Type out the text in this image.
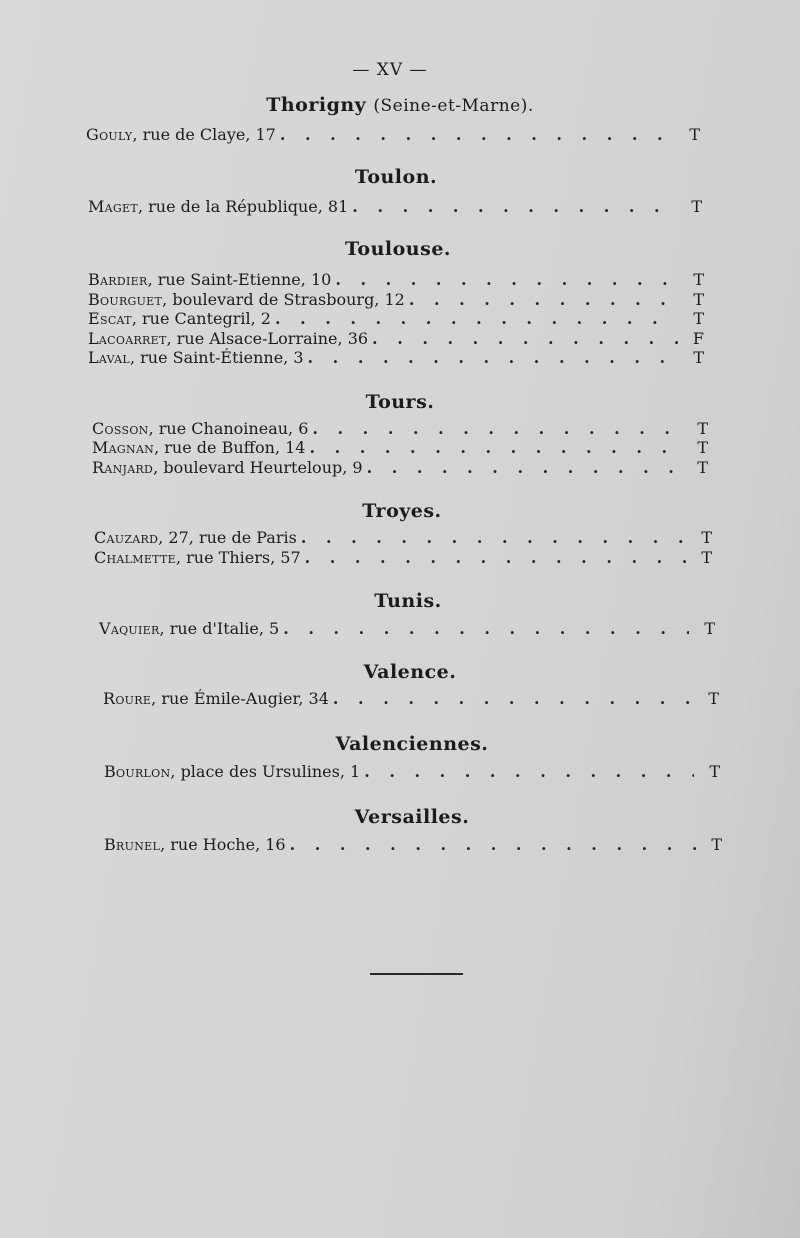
— XV —
Thorigny (Seine-et-Marne).
Gouly , rue de Claye, 17 . . .	T
Toulon.
Maget , rue de la République, 81 . . .	T
Toulouse.
Bardier , rue Saint-Etienne, 10 . . .	T
Bourguet , boulevard de Strasbourg, 12 . . .	T
Escat , rue Cantegril, 2 . . .	T
Lacoarret , rue Alsace-Lorraine, 36 . . .	F
Laval , rue Saint-Étienne, 3 . . .	T
Tours.
Cosson , rue Chanoineau, 6 . . .	T
Magnan , rue de Buffon, 14 . . .	T
Ranjard , boulevard Heurteloup, 9 . . .	T
Troyes.
Cauzard , 27, rue de Paris . . .	T
Chalmette , rue Thiers, 57 . . .	T
Tunis.
Vaquier , rue d'Italie, 5 . . .	T
Valence.
Roure , rue Émile-Augier, 34 . . .	T
Valenciennes.
Bourlon , place des Ursulines, 1 . . .	T
Versailles.
Brunel , rue Hoche, 16 . . .	T
